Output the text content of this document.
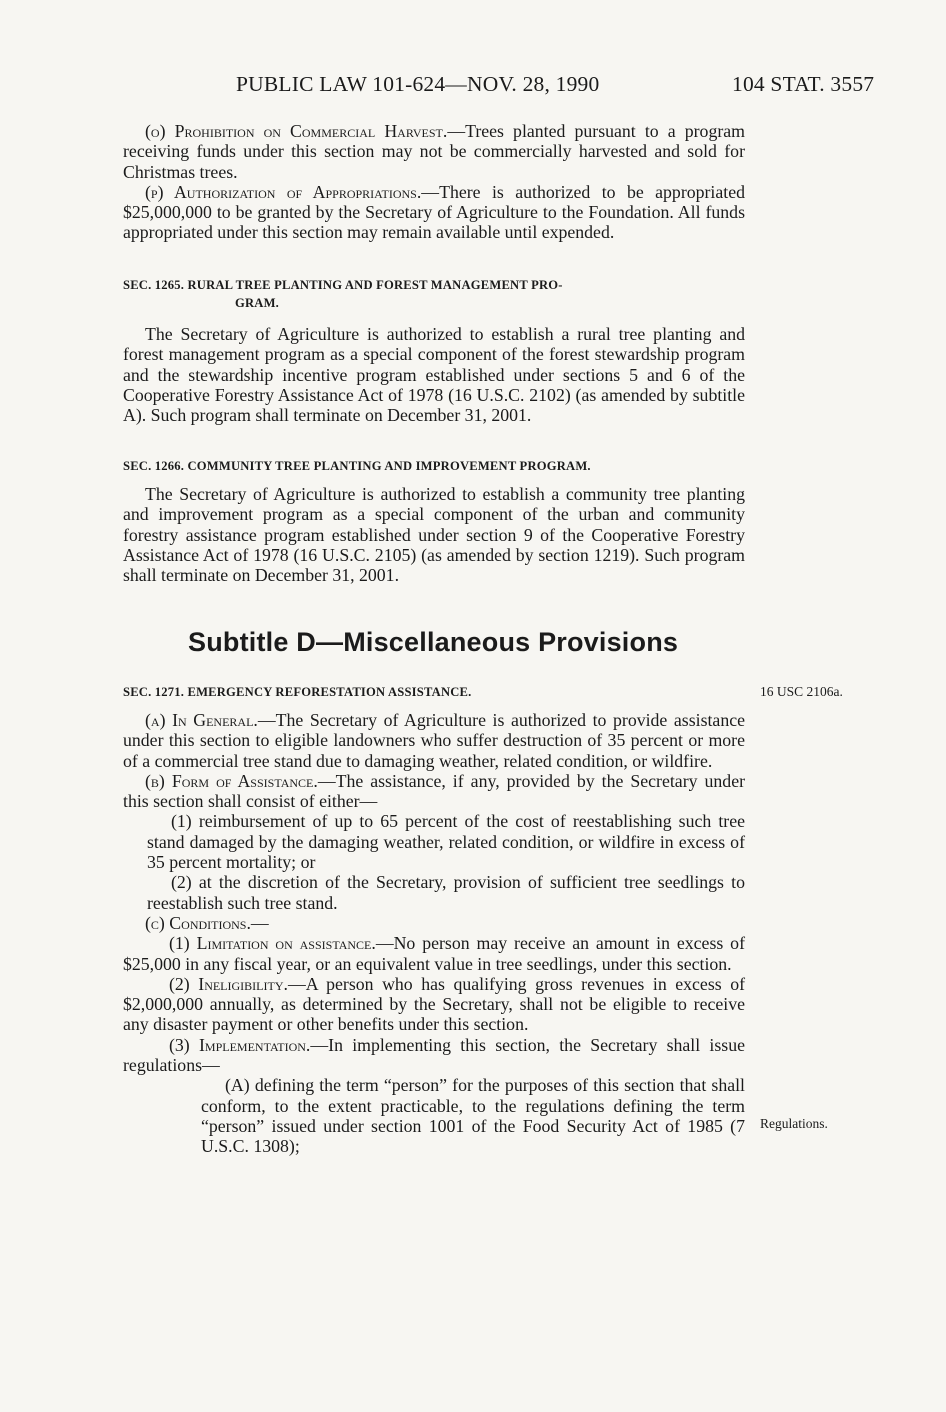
PUBLIC LAW 101-624—NOV. 28, 1990	104 STAT. 3557

(o) Prohibition on Commercial Harvest.—Trees planted pursuant to a program receiving funds under this section may not be commercially harvested and sold for Christmas trees.

(p) Authorization of Appropriations.—There is authorized to be appropriated $25,000,000 to be granted by the Secretary of Agriculture to the Foundation. All funds appropriated under this section may remain available until expended.

SEC. 1265. RURAL TREE PLANTING AND FOREST MANAGEMENT PRO-
GRAM.

The Secretary of Agriculture is authorized to establish a rural tree planting and forest management program as a special component of the forest stewardship program and the stewardship incentive program established under sections 5 and 6 of the Cooperative Forestry Assistance Act of 1978 (16 U.S.C. 2102) (as amended by subtitle A). Such program shall terminate on December 31, 2001.

SEC. 1266. COMMUNITY TREE PLANTING AND IMPROVEMENT PROGRAM.

The Secretary of Agriculture is authorized to establish a community tree planting and improvement program as a special component of the urban and community forestry assistance program established under section 9 of the Cooperative Forestry Assistance Act of 1978 (16 U.S.C. 2105) (as amended by section 1219). Such program shall terminate on December 31, 2001.

Subtitle D—Miscellaneous Provisions
16 USC 2106a.
Regulations.

SEC. 1271. EMERGENCY REFORESTATION ASSISTANCE.

(a) In General.—The Secretary of Agriculture is authorized to provide assistance under this section to eligible landowners who suffer destruction of 35 percent or more of a commercial tree stand due to damaging weather, related condition, or wildfire.

(b) Form of Assistance.—The assistance, if any, provided by the Secretary under this section shall consist of either—

(1) reimbursement of up to 65 percent of the cost of reestablishing such tree stand damaged by the damaging weather, related condition, or wildfire in excess of 35 percent mortality; or

(2) at the discretion of the Secretary, provision of sufficient tree seedlings to reestablish such tree stand.

(c) Conditions.—

(1) Limitation on assistance.—No person may receive an amount in excess of $25,000 in any fiscal year, or an equivalent value in tree seedlings, under this section.

(2) Ineligibility.—A person who has qualifying gross revenues in excess of $2,000,000 annually, as determined by the Secretary, shall not be eligible to receive any disaster payment or other benefits under this section.

(3) Implementation.—In implementing this section, the Secretary shall issue regulations—

(A) defining the term “person” for the purposes of this section that shall conform, to the extent practicable, to the regulations defining the term “person” issued under section 1001 of the Food Security Act of 1985 (7 U.S.C. 1308);
